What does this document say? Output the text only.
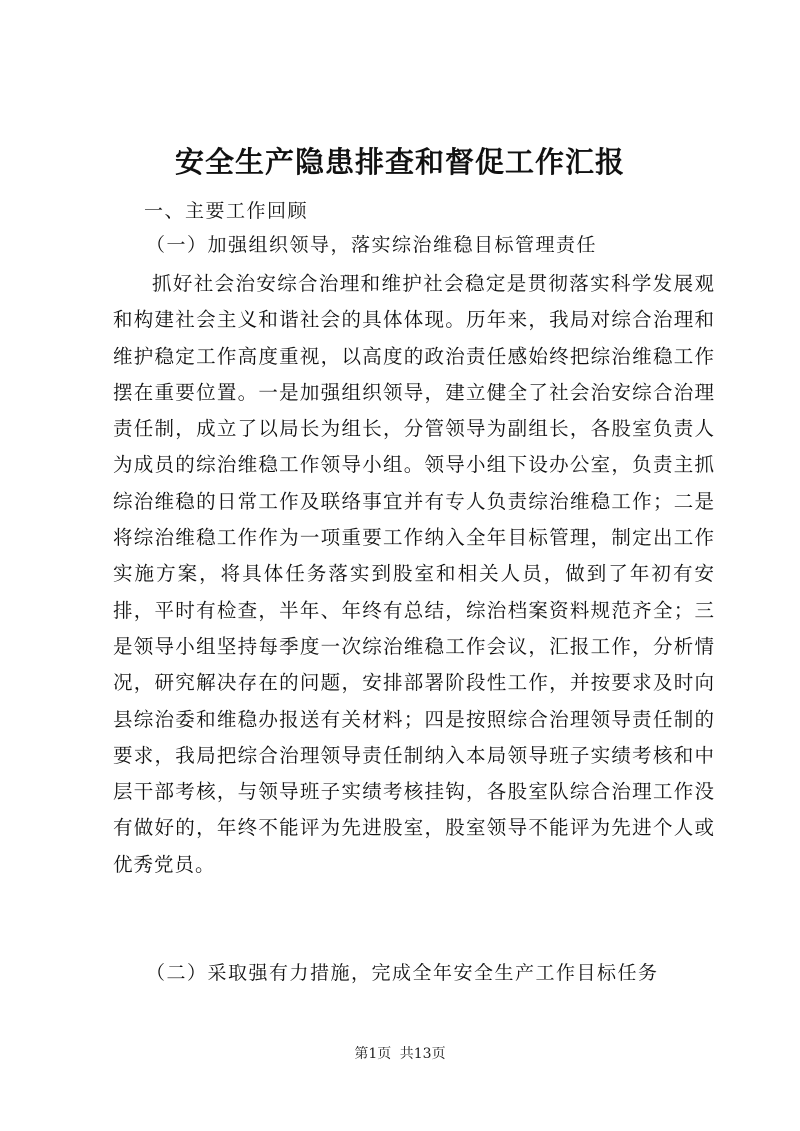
安全生产隐患排查和督促工作汇报
一、主要工作回顾
（一）加强组织领导，落实综治维稳目标管理责任
抓好社会治安综合治理和维护社会稳定是贯彻落实科学发展观和构建社会主义和谐社会的具体体现。历年来，我局对综合治理和维护稳定工作高度重视，以高度的政治责任感始终把综治维稳工作摆在重要位置。一是加强组织领导，建立健全了社会治安综合治理责任制，成立了以局长为组长，分管领导为副组长，各股室负责人为成员的综治维稳工作领导小组。领导小组下设办公室，负责主抓综治维稳的日常工作及联络事宜并有专人负责综治维稳工作；二是将综治维稳工作作为一项重要工作纳入全年目标管理，制定出工作实施方案，将具体任务落实到股室和相关人员，做到了年初有安排，平时有检查，半年、年终有总结，综治档案资料规范齐全；三是领导小组坚持每季度一次综治维稳工作会议，汇报工作，分析情况，研究解决存在的问题，安排部署阶段性工作，并按要求及时向县综治委和维稳办报送有关材料；四是按照综合治理领导责任制的要求，我局把综合治理领导责任制纳入本局领导班子实绩考核和中层干部考核，与领导班子实绩考核挂钩，各股室队综合治理工作没有做好的，年终不能评为先进股室，股室领导不能评为先进个人或优秀党员。
（二）采取强有力措施，完成全年安全生产工作目标任务
第1页 共13页
